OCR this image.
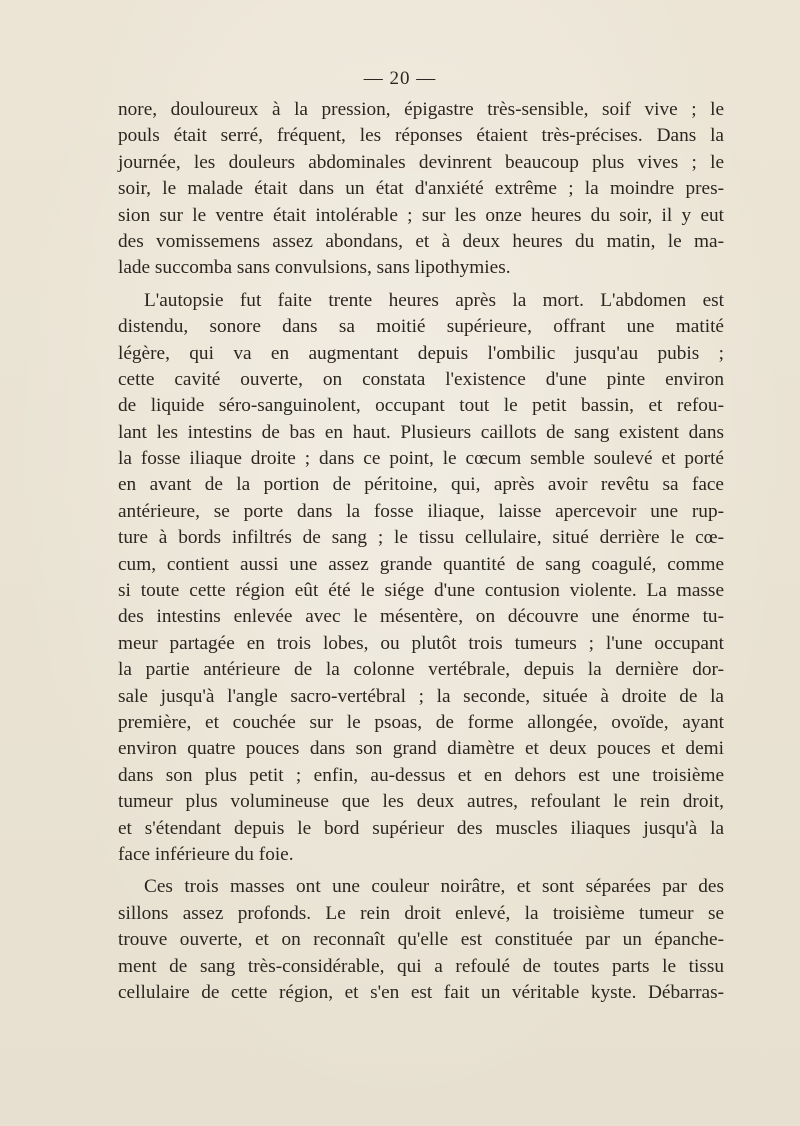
— 20 —

nore, douloureux à la pression, épigastre très-sensible, soif vive ; le
pouls était serré, fréquent, les réponses étaient très-précises. Dans la
journée, les douleurs abdominales devinrent beaucoup plus vives ; le
soir, le malade était dans un état d'anxiété extrême ; la moindre pres-
sion sur le ventre était intolérable ; sur les onze heures du soir, il y eut
des vomissemens assez abondans, et à deux heures du matin, le ma-
lade succomba sans convulsions, sans lipothymies.

L'autopsie fut faite trente heures après la mort. L'abdomen est
distendu, sonore dans sa moitié supérieure, offrant une matité
légère, qui va en augmentant depuis l'ombilic jusqu'au pubis ;
cette cavité ouverte, on constata l'existence d'une pinte environ
de liquide séro-sanguinolent, occupant tout le petit bassin, et refou-
lant les intestins de bas en haut. Plusieurs caillots de sang existent dans
la fosse iliaque droite ; dans ce point, le cœcum semble soulevé et porté
en avant de la portion de péritoine, qui, après avoir revêtu sa face
antérieure, se porte dans la fosse iliaque, laisse apercevoir une rup-
ture à bords infiltrés de sang ; le tissu cellulaire, situé derrière le cœ-
cum, contient aussi une assez grande quantité de sang coagulé, comme
si toute cette région eût été le siége d'une contusion violente. La masse
des intestins enlevée avec le mésentère, on découvre une énorme tu-
meur partagée en trois lobes, ou plutôt trois tumeurs ; l'une occupant
la partie antérieure de la colonne vertébrale, depuis la dernière dor-
sale jusqu'à l'angle sacro-vertébral ; la seconde, située à droite de la
première, et couchée sur le psoas, de forme allongée, ovoïde, ayant
environ quatre pouces dans son grand diamètre et deux pouces et demi
dans son plus petit ; enfin, au-dessus et en dehors est une troisième
tumeur plus volumineuse que les deux autres, refoulant le rein droit,
et s'étendant depuis le bord supérieur des muscles iliaques jusqu'à la
face inférieure du foie.

Ces trois masses ont une couleur noirâtre, et sont séparées par des
sillons assez profonds. Le rein droit enlevé, la troisième tumeur se
trouve ouverte, et on reconnaît qu'elle est constituée par un épanche-
ment de sang très-considérable, qui a refoulé de toutes parts le tissu
cellulaire de cette région, et s'en est fait un véritable kyste. Débarras-
